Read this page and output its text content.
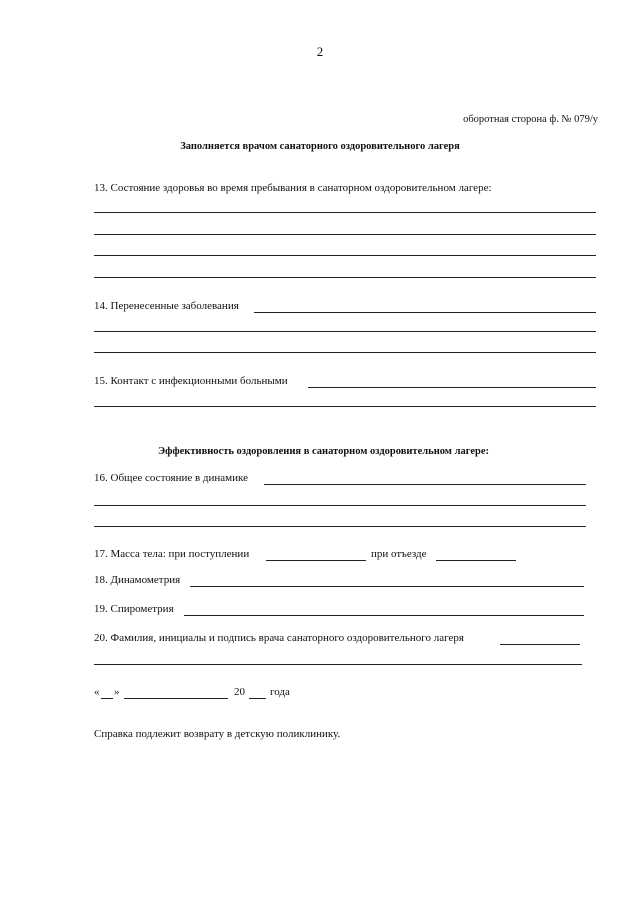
2
оборотная сторона ф. № 079/у
Заполняется врачом санаторного оздоровительного лагеря
13. Состояние здоровья во время пребывания в санаторном оздоровительном лагере:
14. Перенесенные заболевания
15. Контакт с инфекционными больными
Эффективность оздоровления в санаторном оздоровительном лагере:
16. Общее состояние в динамике
17. Масса тела: при поступлении	при отъезде
18. Динамометрия
19. Спирометрия
20. Фамилия, инициалы и подпись врача санаторного оздоровительного лагеря
« »	20 года
Справка подлежит возврату в детскую поликлинику.
